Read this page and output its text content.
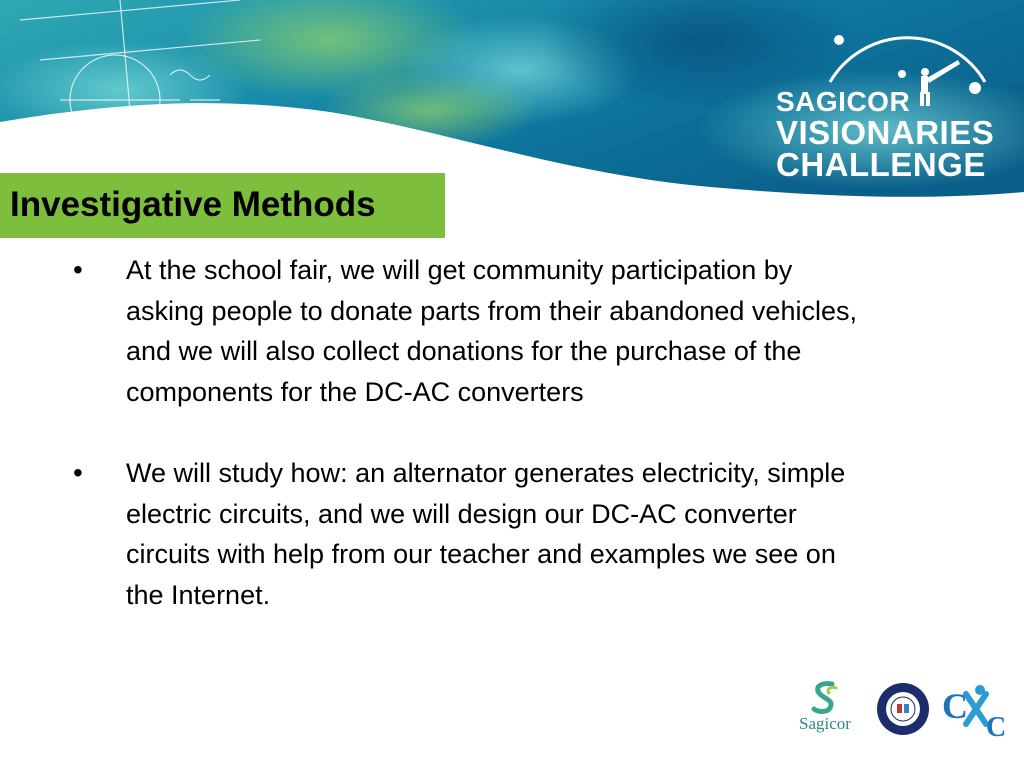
SAGICOR
VISIONARIES
CHALLENGE
Investigative Methods
• At the school fair, we will get community participation by asking people to donate parts from their abandoned vehicles, and we will also collect donations for the purchase of the components for the DC-AC converters

• We will study how: an alternator generates electricity, simple electric circuits, and we will design our DC-AC converter circuits with help from our teacher and examples we see on the Internet.

Sagicor	C
C
